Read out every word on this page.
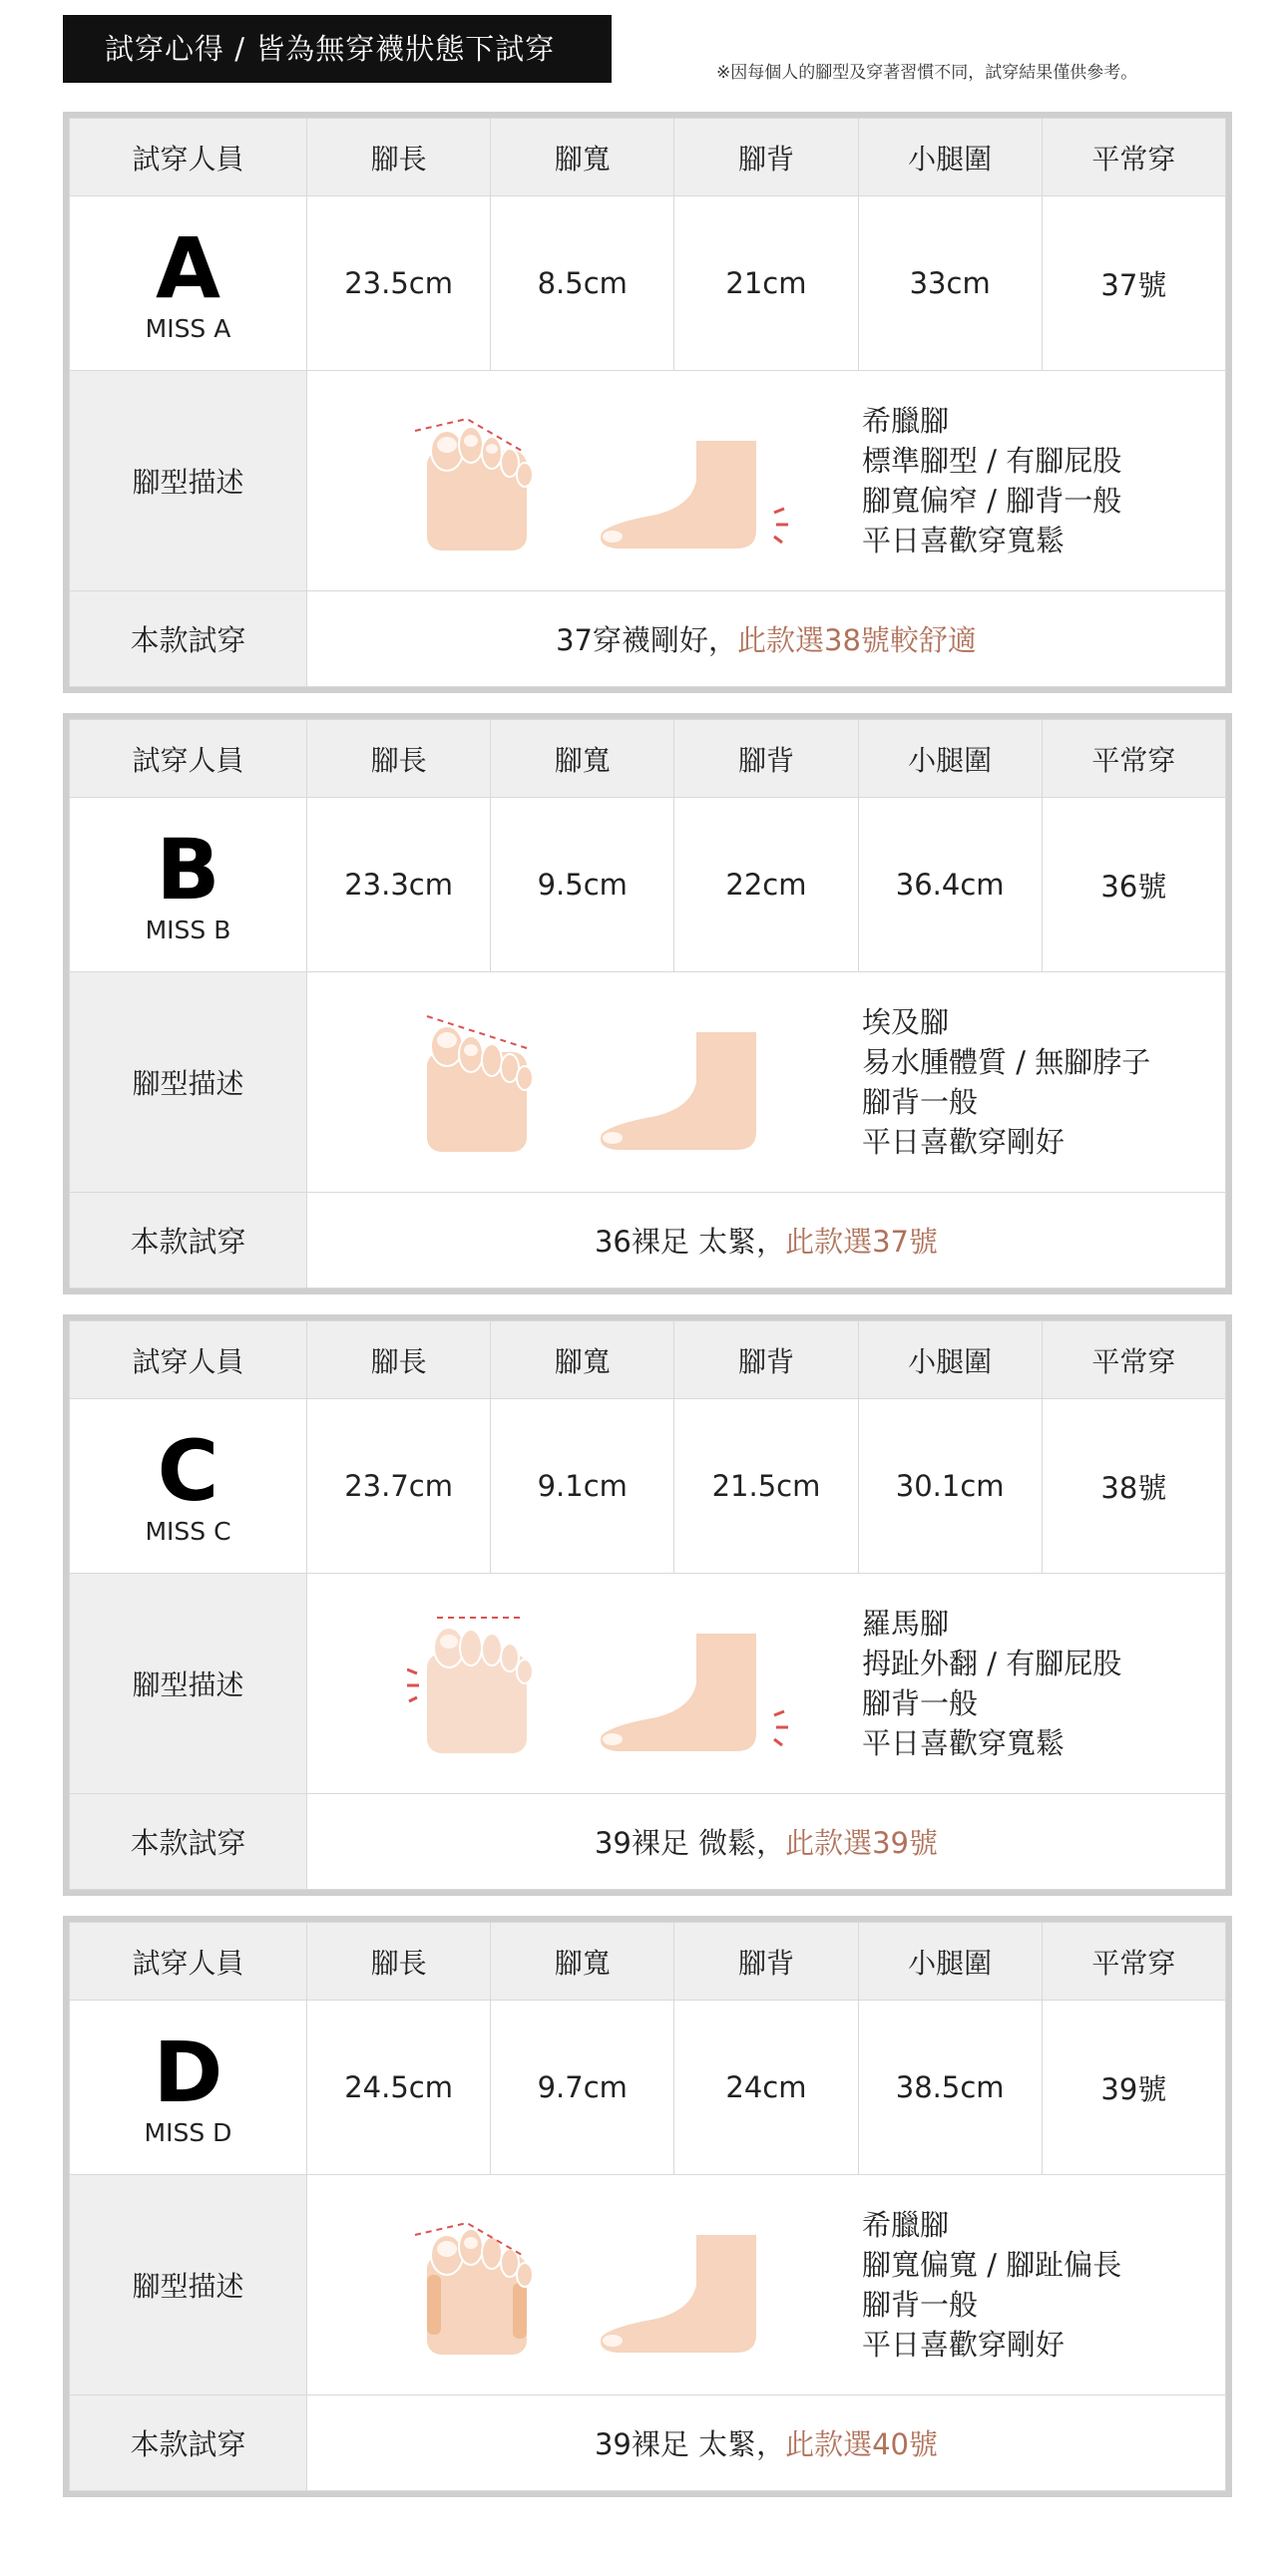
試穿心得 / 皆為無穿襪狀態下試穿
※因每個人的腳型及穿著習慣不同，試穿結果僅供參考。
試穿人員	腳長	腳寬	腳背	小腿圍	平常穿

A
MISS A	23.5cm	8.5cm	21cm	33cm	37號
腳型描述	希臘腳
標準腳型 / 有腳屁股
腳寬偏窄 / 腳背一般
平日喜歡穿寬鬆				

本款試穿	37穿襪剛好，此款選38號較舒適				
試穿人員	腳長	腳寬	腳背	小腿圍	平常穿

B
MISS B	23.3cm	9.5cm	22cm	36.4cm	36號
腳型描述	埃及腳
易水腫體質 / 無腳脖子
腳背一般
平日喜歡穿剛好				

本款試穿	36裸足 太緊，此款選37號				
試穿人員	腳長	腳寬	腳背	小腿圍	平常穿

C
MISS C	23.7cm	9.1cm	21.5cm	30.1cm	38號
腳型描述	羅馬腳
拇趾外翻 / 有腳屁股
腳背一般
平日喜歡穿寬鬆				

本款試穿	39裸足 微鬆，此款選39號				
試穿人員	腳長	腳寬	腳背	小腿圍	平常穿

D
MISS D	24.5cm	9.7cm	24cm	38.5cm	39號
腳型描述	希臘腳
腳寬偏寬 / 腳趾偏長
腳背一般
平日喜歡穿剛好				

本款試穿	39裸足 太緊，此款選40號				
